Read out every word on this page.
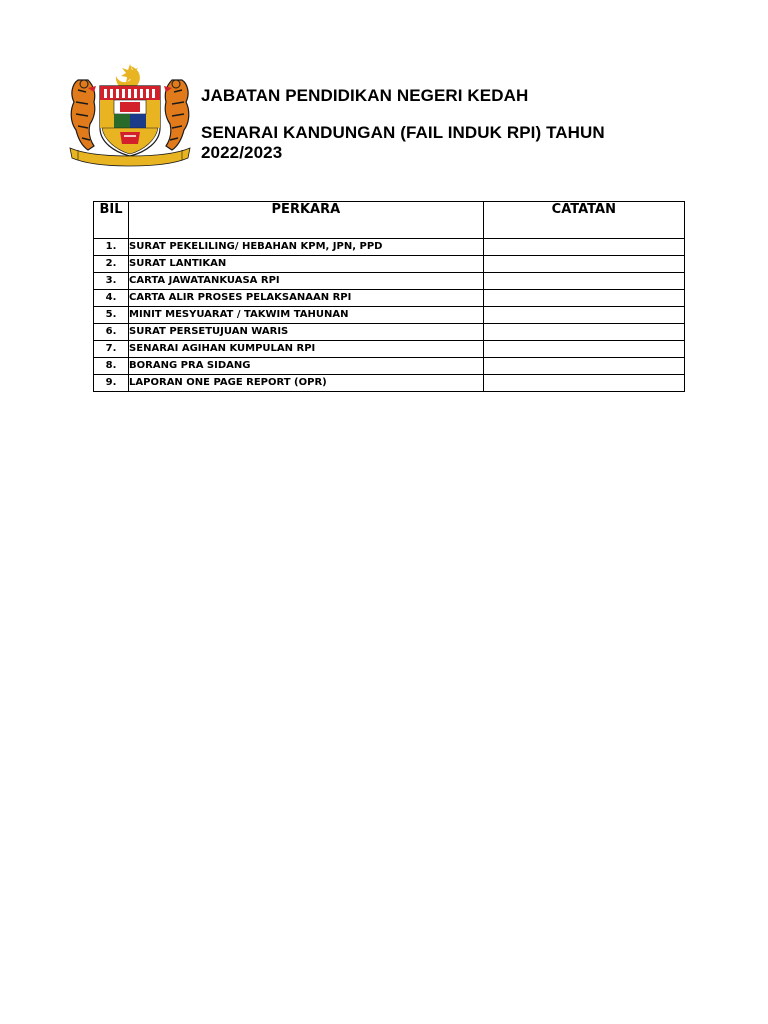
JABATAN PENDIDIKAN NEGERI KEDAH
SENARAI KANDUNGAN (FAIL INDUK RPI) TAHUN 2022/2023
BIL	PERKARA	CATATAN
1.	SURAT PEKELILING/ HEBAHAN KPM, JPN, PPD	
2.	SURAT LANTIKAN	
3.	CARTA JAWATANKUASA RPI	
4.	CARTA ALIR PROSES PELAKSANAAN RPI	
5.	MINIT MESYUARAT / TAKWIM TAHUNAN	
6.	SURAT PERSETUJUAN WARIS	
7.	SENARAI AGIHAN KUMPULAN RPI	
8.	BORANG PRA SIDANG	
9.	LAPORAN ONE PAGE REPORT (OPR)	
